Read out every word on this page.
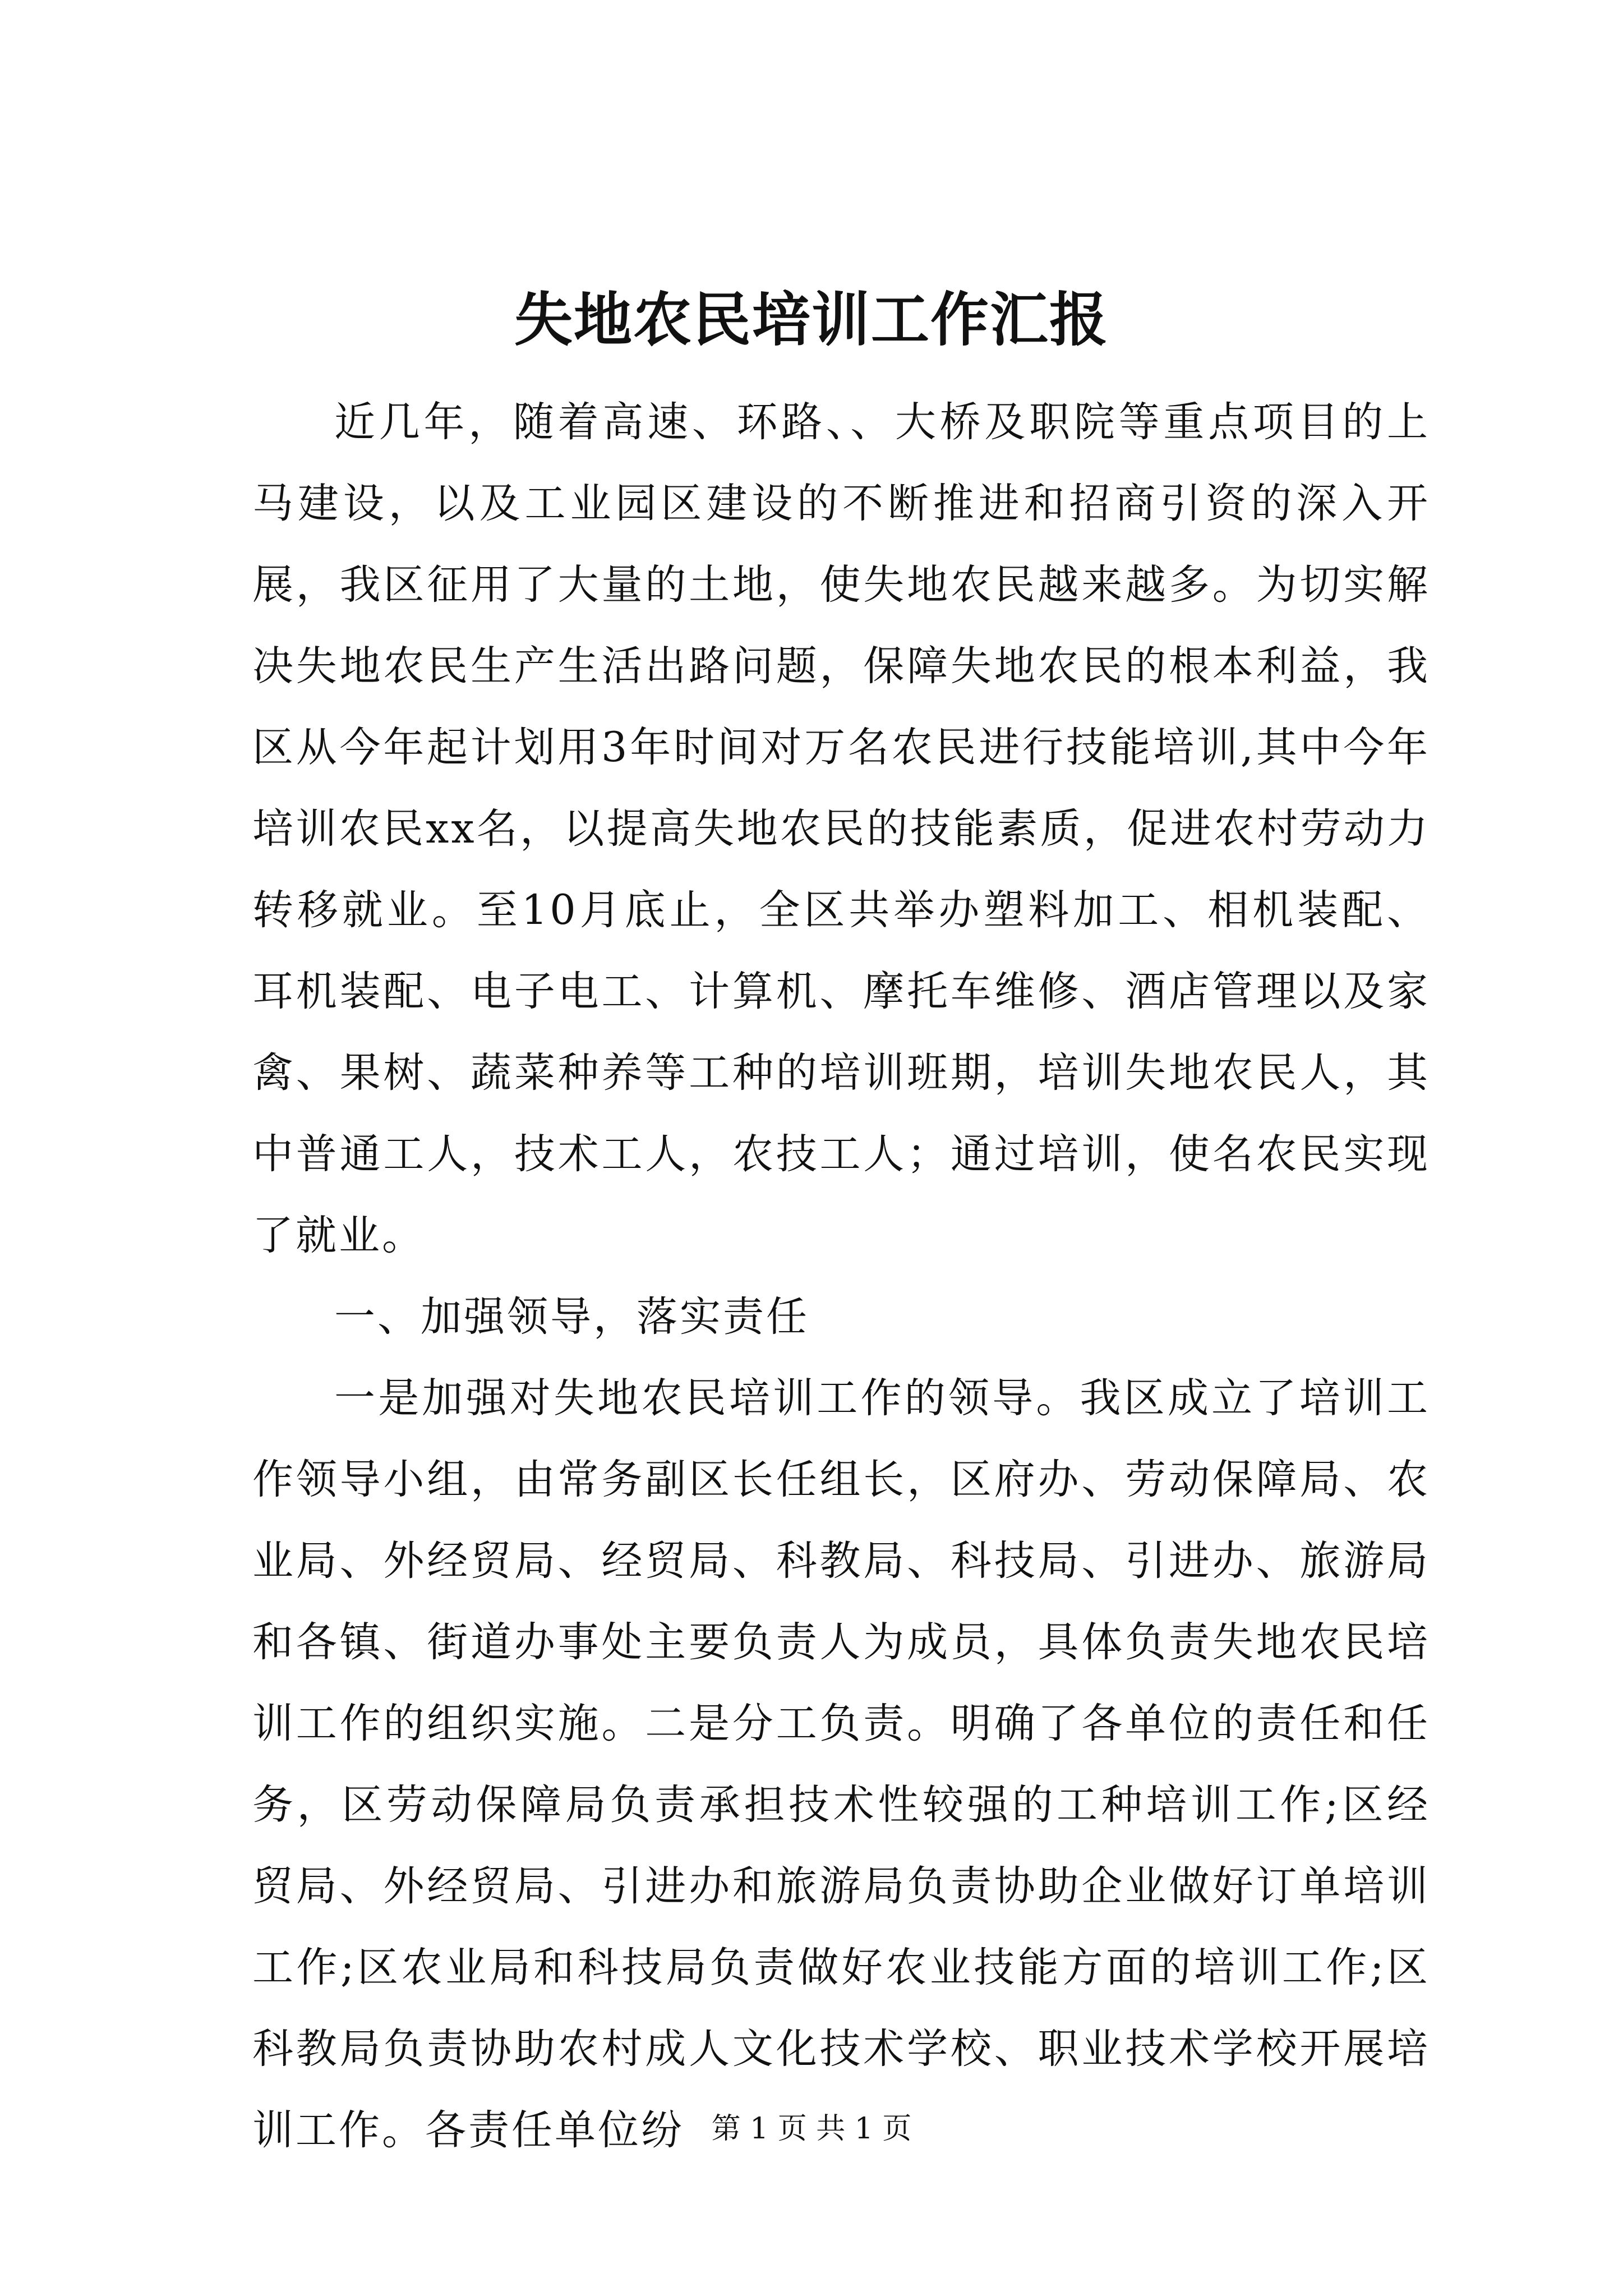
失地农民培训工作汇报

近几年，随着高速、环路、、大桥及职院等重点项目的上马建设，以及工业园区建设的不断推进和招商引资的深入开展，我区征用了大量的土地，使失地农民越来越多。为切实解决失地农民生产生活出路问题，保障失地农民的根本利益，我区从今年起计划用3年时间对万名农民进行技能培训,其中今年培训农民xx名，以提高失地农民的技能素质，促进农村劳动力转移就业。至10月底止，全区共举办塑料加工、相机装配、耳机装配、电子电工、计算机、摩托车维修、酒店管理以及家禽、果树、蔬菜种养等工种的培训班期，培训失地农民人，其中普通工人，技术工人，农技工人；通过培训，使名农民实现了就业。

一、加强领导，落实责任

一是加强对失地农民培训工作的领导。我区成立了培训工作领导小组，由常务副区长任组长，区府办、劳动保障局、农业局、外经贸局、经贸局、科教局、科技局、引进办、旅游局和各镇、街道办事处主要负责人为成员，具体负责失地农民培训工作的组织实施。二是分工负责。明确了各单位的责任和任务，区劳动保障局负责承担技术性较强的工种培训工作;区经贸局、外经贸局、引进办和旅游局负责协助企业做好订单培训工作;区农业局和科技局负责做好农业技能方面的培训工作;区科教局负责协助农村成人文化技术学校、职业技术学校开展培训工作。各责任单位纷 第 1 页 共 1 页
